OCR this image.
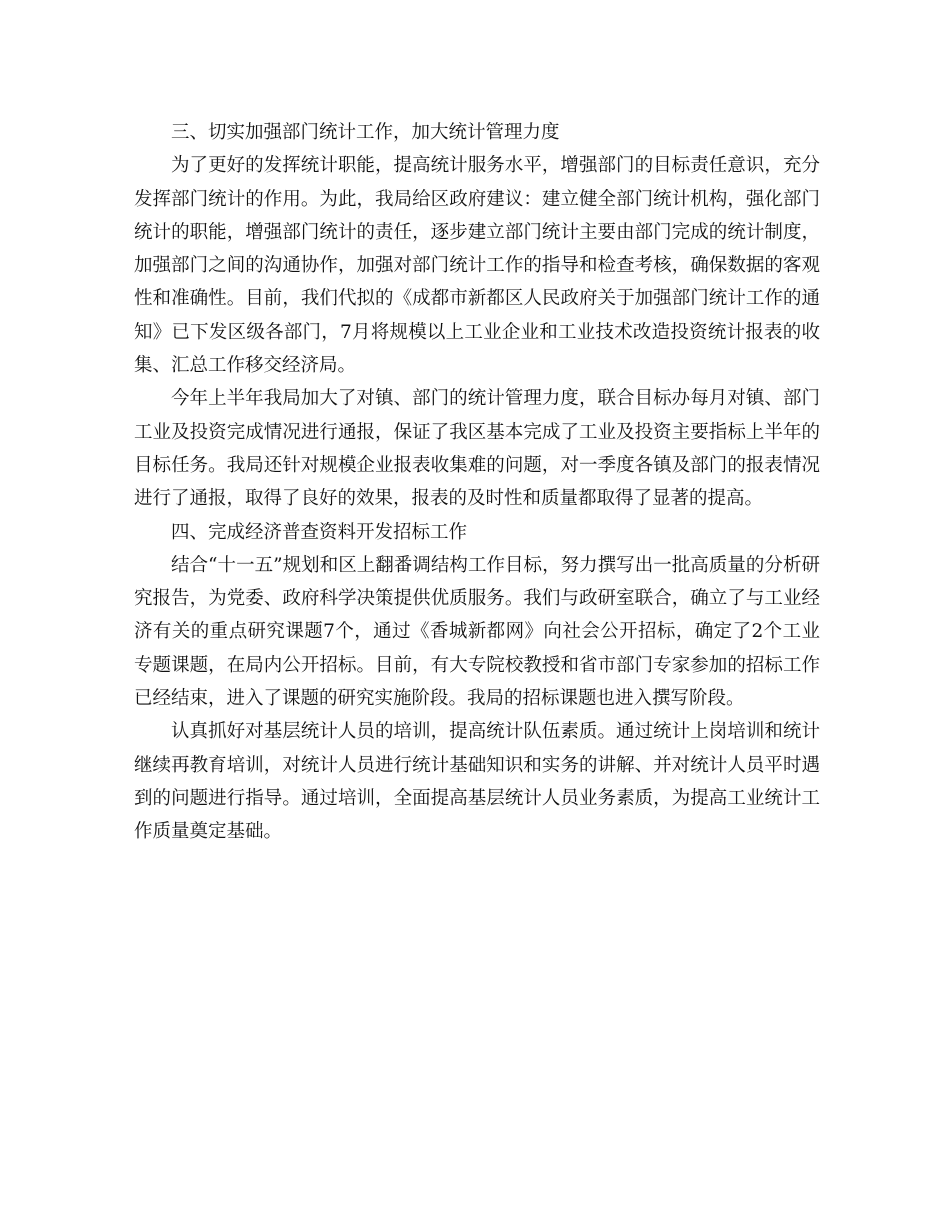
三、切实加强部门统计工作，加大统计管理力度

为了更好的发挥统计职能，提高统计服务水平，增强部门的目标责任意识，充分发挥部门统计的作用。为此，我局给区政府建议：建立健全部门统计机构，强化部门统计的职能，增强部门统计的责任，逐步建立部门统计主要由部门完成的统计制度，加强部门之间的沟通协作，加强对部门统计工作的指导和检查考核，确保数据的客观性和准确性。目前，我们代拟的《成都市新都区人民政府关于加强部门统计工作的通知》已下发区级各部门，7月将规模以上工业企业和工业技术改造投资统计报表的收集、汇总工作移交经济局。

今年上半年我局加大了对镇、部门的统计管理力度，联合目标办每月对镇、部门工业及投资完成情况进行通报，保证了我区基本完成了工业及投资主要指标上半年的目标任务。我局还针对规模企业报表收集难的问题，对一季度各镇及部门的报表情况进行了通报，取得了良好的效果，报表的及时性和质量都取得了显著的提高。

四、完成经济普查资料开发招标工作

结合“十一五”规划和区上翻番调结构工作目标，努力撰写出一批高质量的分析研究报告，为党委、政府科学决策提供优质服务。我们与政研室联合，确立了与工业经济有关的重点研究课题7个，通过《香城新都网》向社会公开招标，确定了2个工业专题课题，在局内公开招标。目前，有大专院校教授和省市部门专家参加的招标工作已经结束，进入了课题的研究实施阶段。我局的招标课题也进入撰写阶段。

认真抓好对基层统计人员的培训，提高统计队伍素质。通过统计上岗培训和统计继续再教育培训，对统计人员进行统计基础知识和实务的讲解、并对统计人员平时遇到的问题进行指导。通过培训，全面提高基层统计人员业务素质，为提高工业统计工作质量奠定基础。
